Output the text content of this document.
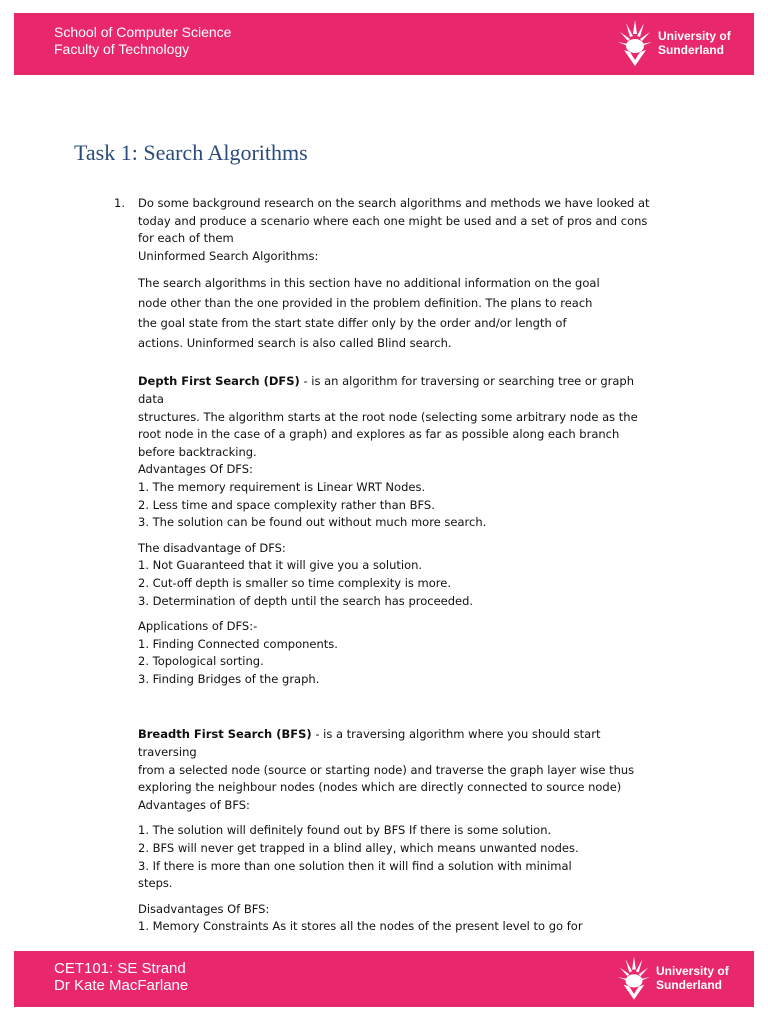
School of Computer Science
Faculty of Technology
University of
Sunderland
Task 1: Search Algorithms
1. Do some background research on the search algorithms and methods we have looked at

today and produce a scenario where each one might be used and a set of pros and cons

for each of them

Uninformed Search Algorithms:

The search algorithms in this section have no additional information on the goal

node other than the one provided in the problem definition. The plans to reach

the goal state from the start state differ only by the order and/or length of

actions. Uninformed search is also called Blind search.

Depth First Search (DFS) - is an algorithm for traversing or searching tree or graph data

structures. The algorithm starts at the root node (selecting some arbitrary node as the

root node in the case of a graph) and explores as far as possible along each branch

before backtracking.

Advantages Of DFS:

1. The memory requirement is Linear WRT Nodes.

2. Less time and space complexity rather than BFS.

3. The solution can be found out without much more search.

The disadvantage of DFS:

1. Not Guaranteed that it will give you a solution.

2. Cut-off depth is smaller so time complexity is more.

3. Determination of depth until the search has proceeded.

Applications of DFS:-

1. Finding Connected components.

2. Topological sorting.

3. Finding Bridges of the graph.

Breadth First Search (BFS) - is a traversing algorithm where you should start traversing

from a selected node (source or starting node) and traverse the graph layer wise thus

exploring the neighbour nodes (nodes which are directly connected to source node)

Advantages of BFS:

1. The solution will definitely found out by BFS If there is some solution.

2. BFS will never get trapped in a blind alley, which means unwanted nodes.

3. If there is more than one solution then it will find a solution with minimal

steps.

Disadvantages Of BFS:

1. Memory Constraints As it stores all the nodes of the present level to go for

CET101: SE Strand
Dr Kate MacFarlane
University of
Sunderland
